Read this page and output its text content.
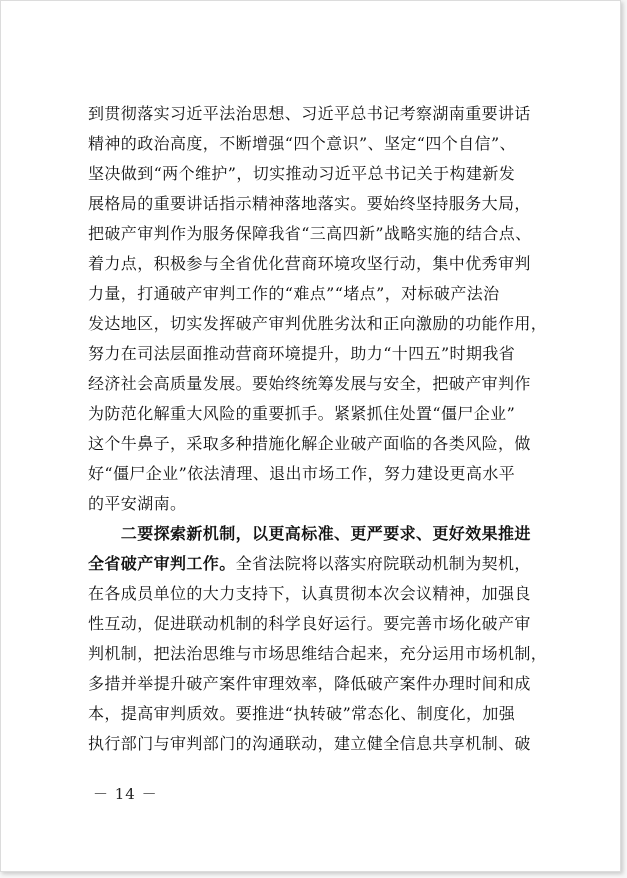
到贯彻落实习近平法治思想、习近平总书记考察湖南重要讲话
精神的政治高度，不断增强“四个意识”、坚定“四个自信”、
坚决做到“两个维护”，切实推动习近平总书记关于构建新发
展格局的重要讲话指示精神落地落实。要始终坚持服务大局，
把破产审判作为服务保障我省“三高四新”战略实施的结合点、
着力点，积极参与全省优化营商环境攻坚行动，集中优秀审判
力量，打通破产审判工作的“难点”“堵点”，对标破产法治
发达地区，切实发挥破产审判优胜劣汰和正向激励的功能作用，
努力在司法层面推动营商环境提升，助力“十四五”时期我省
经济社会高质量发展。要始终统筹发展与安全，把破产审判作
为防范化解重大风险的重要抓手。紧紧抓住处置“僵尸企业”
这个牛鼻子，采取多种措施化解企业破产面临的各类风险，做
好“僵尸企业”依法清理、退出市场工作，努力建设更高水平
的平安湖南。
　　二要探索新机制，以更高标准、更严要求、更好效果推进
全省破产审判工作。全省法院将以落实府院联动机制为契机，
在各成员单位的大力支持下，认真贯彻本次会议精神，加强良
性互动，促进联动机制的科学良好运行。要完善市场化破产审
判机制，把法治思维与市场思维结合起来，充分运用市场机制，
多措并举提升破产案件审理效率，降低破产案件办理时间和成
本，提高审判质效。要推进“执转破”常态化、制度化，加强
执行部门与审判部门的沟通联动，建立健全信息共享机制、破
－ 14 －
